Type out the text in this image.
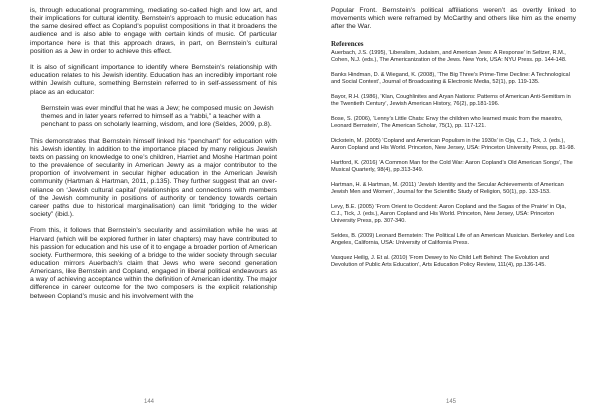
is, through educational programming, mediating so-called high and low art, and their implications for cultural identity. Bernstein’s approach to music education has the same desired effect as Copland’s populist compositions in that it broadens the audience and is also able to engage with certain kinds of music. Of particular importance here is that this approach draws, in part, on Bernstein’s cultural position as a Jew in order to achieve this effect.

It is also of significant importance to identify where Bernstein’s relationship with education relates to his Jewish identity. Education has an incredibly important role within Jewish culture, something Bernstein referred to in self-assessment of his place as an educator:

Bernstein was ever mindful that he was a Jew; he composed music on Jewish themes and in later years referred to himself as a “rabbi,” a teacher with a penchant to pass on scholarly learning, wisdom, and lore (Seldes, 2009, p.8).

This demonstrates that Bernstein himself linked his “penchant” for education with his Jewish identity. In addition to the importance placed by many religious Jewish texts on passing on knowledge to one’s children, Harriet and Moshe Hartman point to the prevalence of secularity in American Jewry as a major contributor to the proportion of involvement in secular higher education in the American Jewish community (Hartman & Hartman, 2011, p.135). They further suggest that an over-reliance on ‘Jewish cultural capital’ (relationships and connections with members of the Jewish community in positions of authority or tendency towards certain career paths due to historical marginalisation) can limit “bridging to the wider society” (ibid.).

From this, it follows that Bernstein’s secularity and assimilation while he was at Harvard (which will be explored further in later chapters) may have contributed to his passion for education and his use of it to engage a broader portion of American society. Furthermore, this seeking of a bridge to the wider society through secular education mirrors Auerbach’s claim that Jews who were second generation Americans, like Bernstein and Copland, engaged in liberal political endeavours as a way of achieving acceptance within the definition of American identity. The major difference in career outcome for the two composers is the explicit relationship between Copland’s music and his involvement with the

144

Popular Front. Bernstein’s political affiliations weren’t as overtly linked to movements which were reframed by McCarthy and others like him as the enemy after the War.

References

Auerbach, J.S. (1995), ‘Liberalism, Judaism, and American Jews: A Response’ in Seltzer, R.M., Cohen, N.J. (eds.), The Americanization of the Jews. New York, USA: NYU Press. pp. 144-148.

Banks Hindman, D. & Wiegand, K. (2008), ‘The Big Three’s Prime-Time Decline: A Technological and Social Context’, Journal of Broadcasting & Electronic Media, 52(1), pp. 119-135.

Bayor, R.H. (1986), ‘Klan, Coughlinites and Aryan Nations: Patterns of American Anti-Semitism in the Twentieth Century’, Jewish American History, 76(2), pp.181-196.

Bose, S. (2006), ‘Lenny’s Little Chats: Envy the children who learned music from the maestro, Leonard Bernstein’, The American Scholar, 75(1), pp. 117-121.

Dickstein, M. (2005) ‘Copland and American Populism in the 1930s’ in Oja, C.J., Tick, J. (eds.), Aaron Copland and His World. Princeton, New Jersey, USA: Princeton University Press, pp. 81-98.

Hartford, K. (2016) ‘A Common Man for the Cold War: Aaron Copland’s Old American Songs’, The Musical Quarterly, 98(4), pp.313-349.

Hartman, H. & Hartman, M. (2011) ‘Jewish Identity and the Secular Achievements of American Jewish Men and Women’, Journal for the Scientific Study of Religion, 50(1), pp. 133-153.

Levy, B.E. (2005) ‘From Orient to Occident: Aaron Copland and the Sagas of the Prairie’ in Oja, C.J., Tick, J. (eds.), Aaron Copland and His World. Princeton, New Jersey, USA: Princeton University Press, pp. 307-340.

Seldes, B. (2009) Leonard Bernstein: The Political Life of an American Musician. Berkeley and Los Angeles, California, USA: University of California Press.

Vasquez Heilig, J. Et al. (2010) ‘From Dewey to No Child Left Behind: The Evolution and Devolution of Public Arts Education’, Arts Education Policy Review, 111(4), pp.136-145.

145
